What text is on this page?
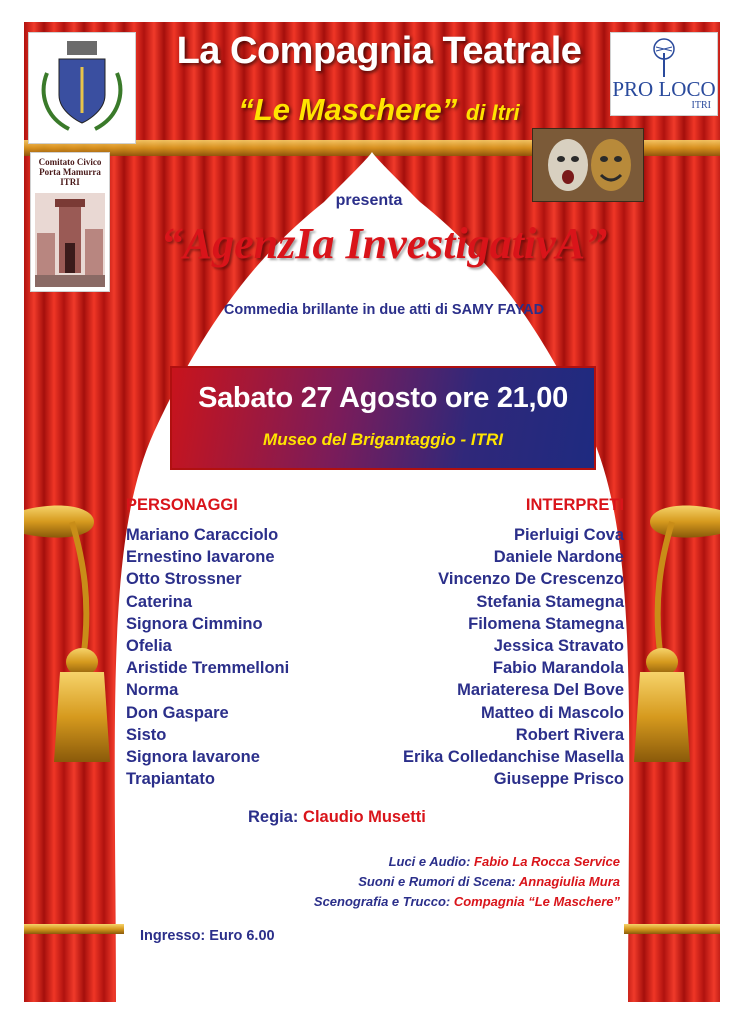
La Compagnia Teatrale
“Le Maschere” di Itri
Comitato Civico
Porta Mamurra
ITRI
PRO LOCO
ITRI
presenta
“AgenzIa InvestigativA”
Commedia brillante in due atti di SAMY FAYAD
Sabato 27 Agosto ore 21,00
Museo del Brigantaggio - ITRI
PERSONAGGI	INTERPRETI
Mariano Caracciolo
Ernestino Iavarone
Otto Strossner
Caterina
Signora Cimmino
Ofelia
Aristide Tremmelloni
Norma
Don Gaspare
Sisto
Signora Iavarone
Trapiantato
Pierluigi Cova
Daniele Nardone
Vincenzo De Crescenzo
Stefania Stamegna
Filomena Stamegna
Jessica Stravato
Fabio Marandola
Mariateresa Del Bove
Matteo di Mascolo
Robert Rivera
Erika Colledanchise Masella
Giuseppe Prisco
Regia: Claudio Musetti
Luci e Audio: Fabio La Rocca Service
Suoni e Rumori di Scena: Annagiulia Mura
Scenografia e Trucco: Compagnia “Le Maschere”
Ingresso: Euro 6.00
